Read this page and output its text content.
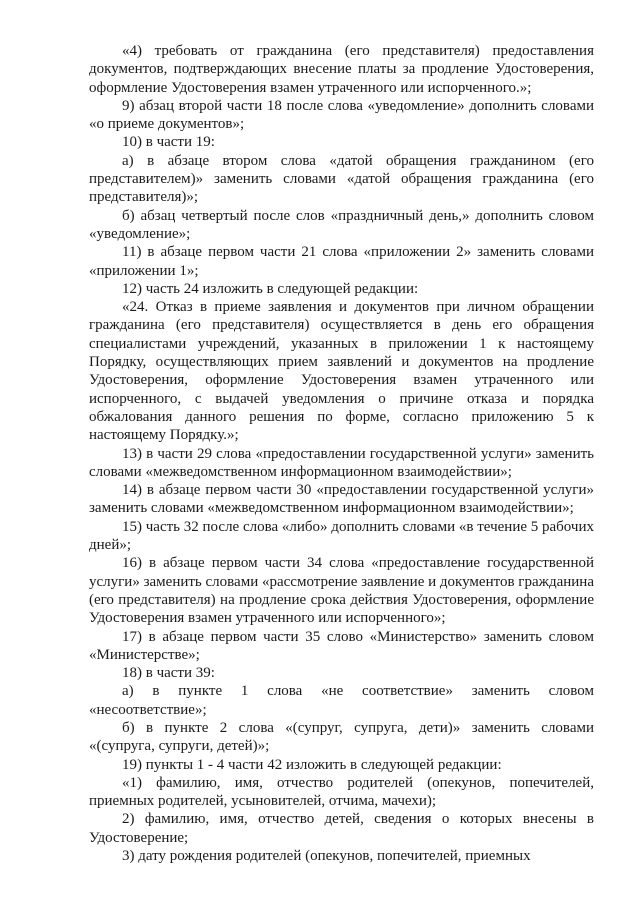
«4) требовать от гражданина (его представителя) предоставления документов, подтверждающих внесение платы за продление Удостоверения, оформление Удостоверения взамен утраченного или испорченного.»;

9) абзац второй части 18 после слова «уведомление» дополнить словами «о приеме документов»;

10) в части 19:

а) в абзаце втором слова «датой обращения гражданином (его представителем)» заменить словами «датой обращения гражданина (его представителя)»;

б) абзац четвертый после слов «праздничный день,» дополнить словом «уведомление»;

11) в абзаце первом части 21 слова «приложении 2» заменить словами «приложении 1»;

12) часть 24 изложить в следующей редакции:

«24. Отказ в приеме заявления и документов при личном обращении гражданина (его представителя) осуществляется в день его обращения специалистами учреждений, указанных в приложении 1 к настоящему Порядку, осуществляющих прием заявлений и документов на продление Удостоверения, оформление Удостоверения взамен утраченного или испорченного, с выдачей уведомления о причине отказа и порядка обжалования данного решения по форме, согласно приложению 5 к настоящему Порядку.»;

13) в части 29 слова «предоставлении государственной услуги» заменить словами «межведомственном информационном взаимодействии»;

14) в абзаце первом части 30 «предоставлении государственной услуги» заменить словами «межведомственном информационном взаимодействии»;

15) часть 32 после слова «либо» дополнить словами «в течение 5 рабочих дней»;

16) в абзаце первом части 34 слова «предоставление государственной услуги» заменить словами «рассмотрение заявление и документов гражданина (его представителя) на продление срока действия Удостоверения, оформление Удостоверения взамен утраченного или испорченного»;

17) в абзаце первом части 35 слово «Министерство» заменить словом «Министерстве»;

18) в части 39:

а) в пункте 1 слова «не соответствие» заменить словом «несоответствие»;

б) в пункте 2 слова «(супруг, супруга, дети)» заменить словами «(супруга, супруги, детей)»;

19) пункты 1 - 4 части 42 изложить в следующей редакции:

«1) фамилию, имя, отчество родителей (опекунов, попечителей, приемных родителей, усыновителей, отчима, мачехи);

2) фамилию, имя, отчество детей, сведения о которых внесены в Удостоверение;

3) дату рождения родителей (опекунов, попечителей, приемных
